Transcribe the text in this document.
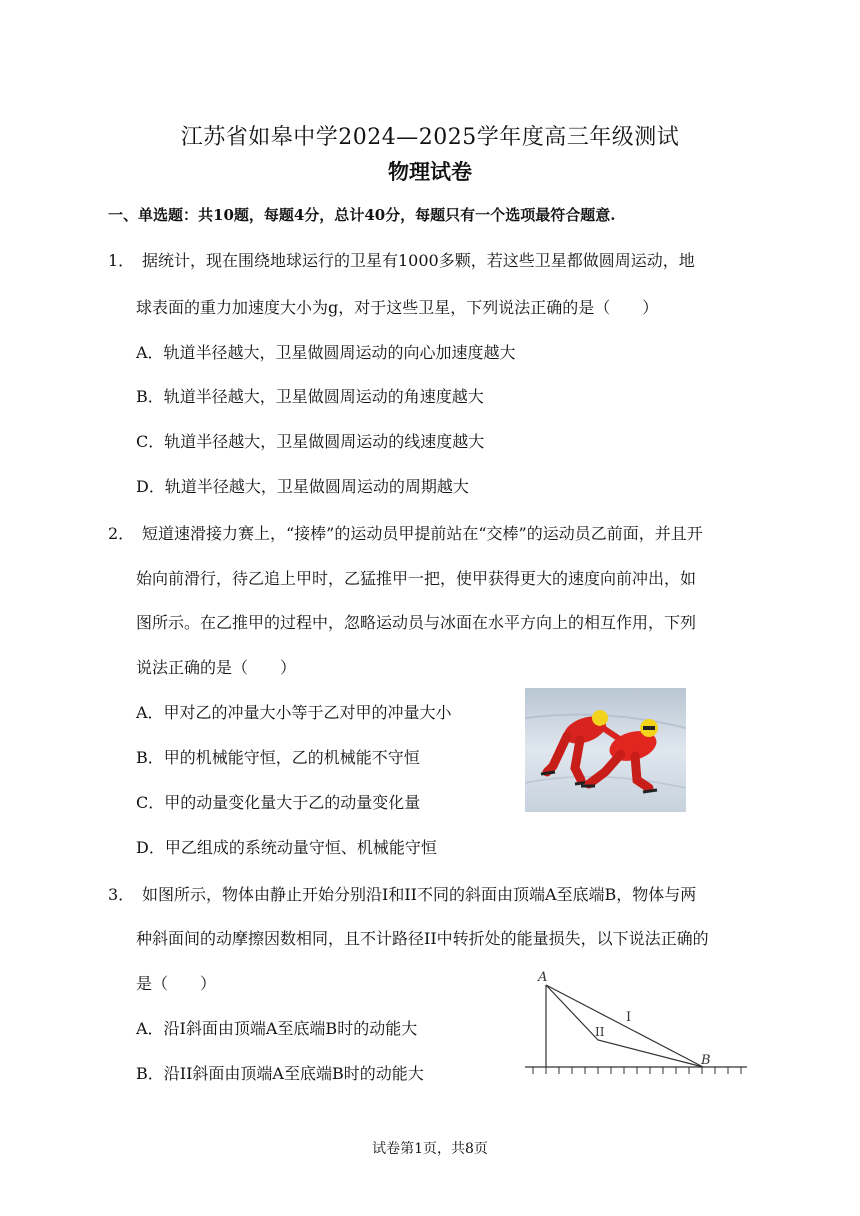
江苏省如皋中学2024—2025学年度高三年级测试
物理试卷
一、单选题：共10题，每题4分，总计40分，每题只有一个选项最符合题意.
1． 据统计，现在围绕地球运行的卫星有1000多颗，若这些卫星都做圆周运动，地
球表面的重力加速度大小为g，对于这些卫星，下列说法正确的是（　　）
A．轨道半径越大，卫星做圆周运动的向心加速度越大
B．轨道半径越大，卫星做圆周运动的角速度越大
C．轨道半径越大，卫星做圆周运动的线速度越大
D．轨道半径越大，卫星做圆周运动的周期越大
2． 短道速滑接力赛上，“接棒”的运动员甲提前站在“交棒”的运动员乙前面，并且开
始向前滑行，待乙追上甲时，乙猛推甲一把，使甲获得更大的速度向前冲出，如
图所示。在乙推甲的过程中，忽略运动员与冰面在水平方向上的相互作用，下列
说法正确的是（　　）
A．甲对乙的冲量大小等于乙对甲的冲量大小
B．甲的机械能守恒，乙的机械能不守恒
C．甲的动量变化量大于乙的动量变化量
D．甲乙组成的系统动量守恒、机械能守恒
3． 如图所示，物体由静止开始分别沿I和II不同的斜面由顶端A至底端B，物体与两
种斜面间的动摩擦因数相同，且不计路径II中转折处的能量损失，以下说法正确的
是（　　）
A．沿I斜面由顶端A至底端B时的动能大
B．沿II斜面由顶端A至底端B时的动能大
A
B
I
II
试卷第1页，共8页
